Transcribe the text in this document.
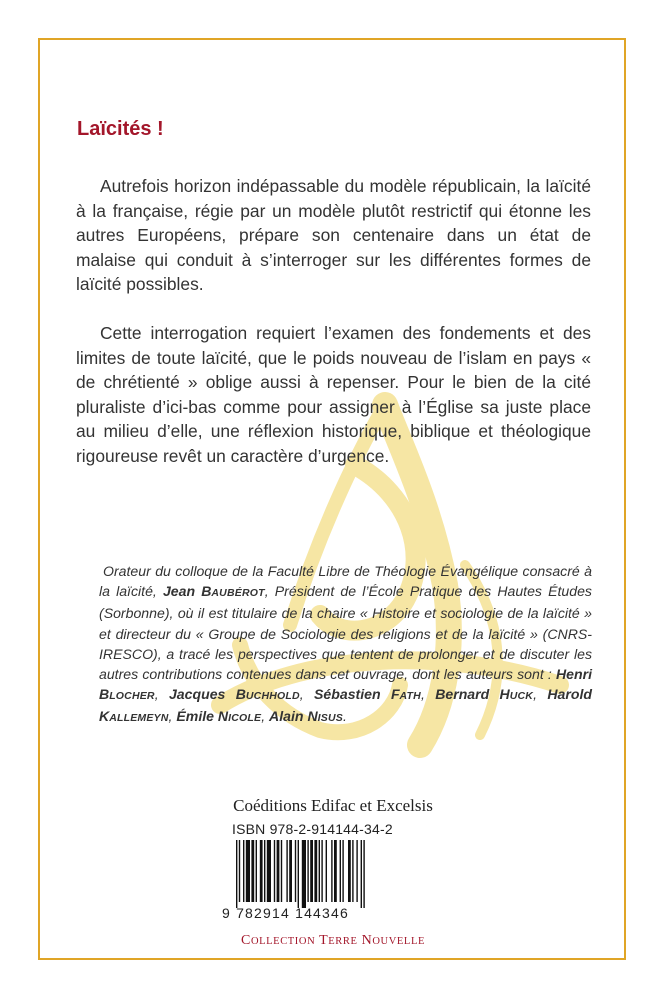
Laïcités !

Autrefois horizon indépassable du modèle républicain, la laïcité à la française, régie par un modèle plutôt restrictif qui étonne les autres Européens, prépare son centenaire dans un état de malaise qui conduit à s’interroger sur les différentes formes de laïcité possibles.

Cette interrogation requiert l’examen des fondements et des limites de toute laïcité, que le poids nouveau de l’islam en pays « de chrétienté » oblige aussi à repenser. Pour le bien de la cité pluraliste d’ici-bas comme pour assigner à l’Église sa juste place au milieu d’elle, une réflexion historique, biblique et théologique rigoureuse revêt un caractère d’urgence.

Orateur du colloque de la Faculté Libre de Théologie Évangélique consacré à la laïcité, Jean BAUBÉROT, Président de l’École Pratique des Hautes Études (Sorbonne), où il est titulaire de la chaire « Histoire et sociologie de la laïcité » et directeur du « Groupe de Sociologie des religions et de la laïcité » (CNRS-IRESCO), a tracé les perspectives que tentent de prolonger et de discuter les autres contributions contenues dans cet ouvrage, dont les auteurs sont : Henri BLOCHER, Jacques BUCHHOLD, Sébastien FATH, Bernard HUCK, Harold KALLEMEYN, Émile NICOLE, Alain NISUS.

Coéditions Edifac et Excelsis

ISBN 978-2-914144-34-2

9 782914 144346

COLLECTION TERRE NOUVELLE
